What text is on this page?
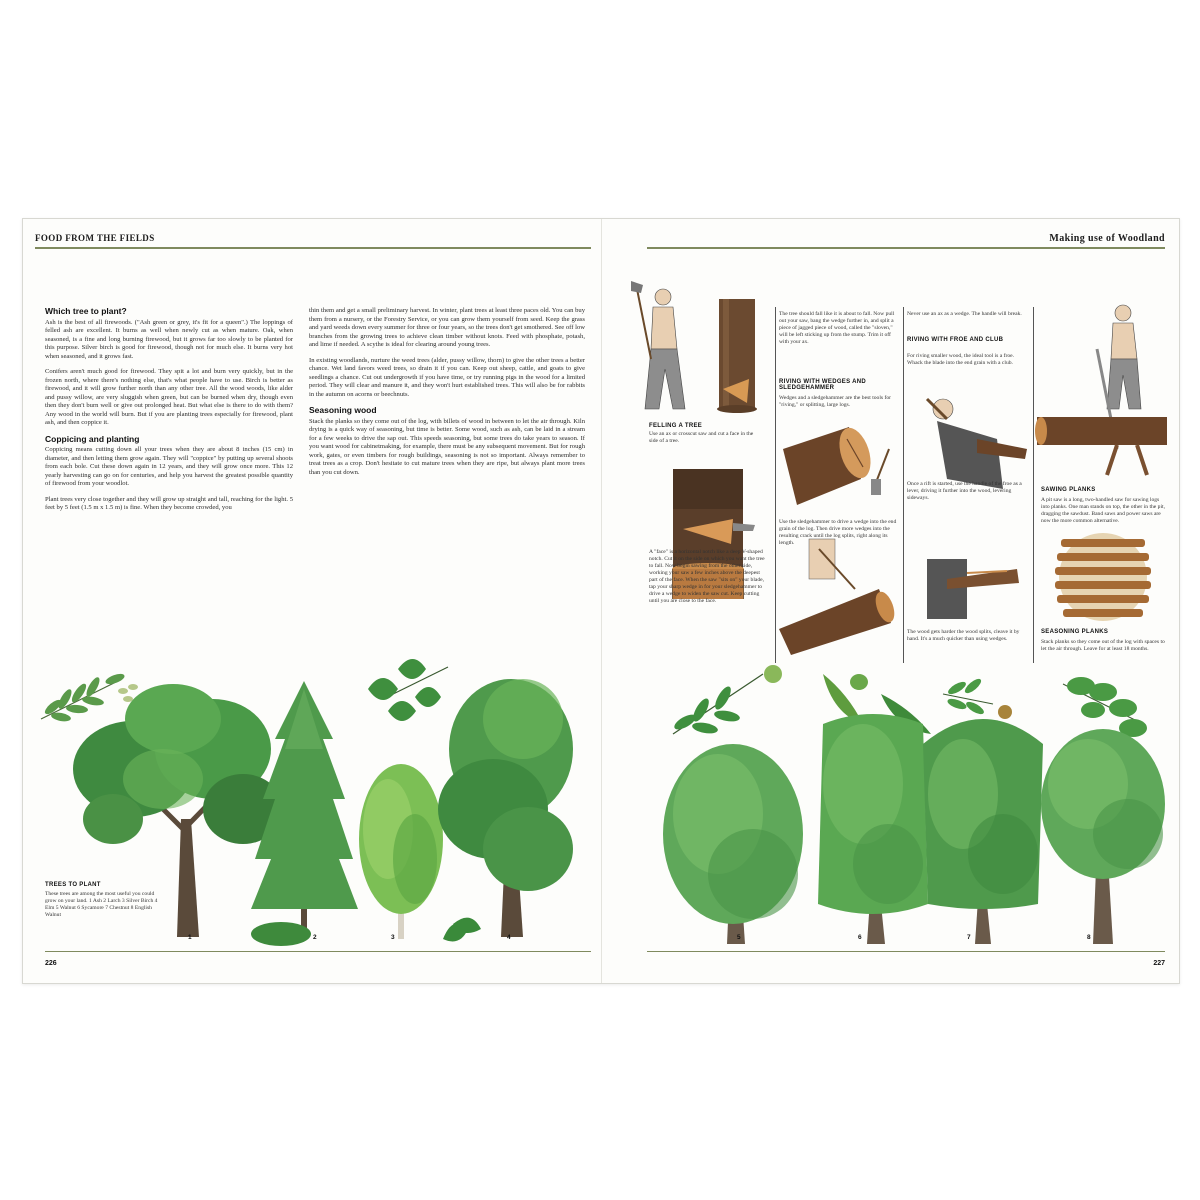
FOOD FROM THE FIELDS	Making use of Woodland
Which tree to plant?

Ash is the best of all firewoods. ("Ash green or grey, it's fit for a queen".) The loppings of felled ash are excellent. It burns as well when newly cut as when mature. Oak, when seasoned, is a fine and long burning firewood, but it grows far too slowly to be planted for this purpose. Silver birch is good for firewood, though not for much else. It burns very hot when seasoned, and it grows fast.

Conifers aren't much good for firewood. They spit a lot and burn very quickly, but in the frozen north, where there's nothing else, that's what people have to use. Birch is better as firewood, and it will grow further north than any other tree. All the wood woods, like alder and pussy willow, are very sluggish when green, but can be burned when dry, though even then they don't burn well or give out prolonged heat. But what else is there to do with them? Any wood in the world will burn. But if you are planting trees especially for firewood, plant ash, and then coppice it.

Coppicing and planting

Coppicing means cutting down all your trees when they are about 8 inches (15 cm) in diameter, and then letting them grow again. They will "coppice" by putting up several shoots from each bole. Cut these down again in 12 years, and they will grow once more. This 12 yearly harvesting can go on for centuries, and help you harvest the greatest possible quantity of firewood from your woodlot.

Plant trees very close together and they will grow up straight and tall, reaching for the light. 5 feet by 5 feet (1.5 m x 1.5 m) is fine. When they become crowded, you

thin them and get a small preliminary harvest. In winter, plant trees at least three paces old. You can buy them from a nursery, or the Forestry Service, or you can grow them yourself from seed. Keep the grass and yard weeds down every summer for three or four years, so the trees don't get smothered. See off low branches from the growing trees to achieve clean timber without knots. Feed with phosphate, potash, and lime if needed. A scythe is ideal for clearing around young trees.

In existing woodlands, nurture the weed trees (alder, pussy willow, thorn) to give the other trees a better chance. Wet land favors weed trees, so drain it if you can. Keep out sheep, cattle, and goats to give seedlings a chance. Cut out undergrowth if you have time, or try running pigs in the wood for a limited period. They will clear and manure it, and they won't hurt established trees. This will also be for rabbits in the autumn on acorns or beechnuts.

Seasoning wood

Stack the planks so they come out of the log, with billets of wood in between to let the air through. Kiln drying is a quick way of seasoning, but time is better. Some wood, such as ash, can be laid in a stream for a few weeks to drive the sap out. This speeds seasoning, but some trees do take years to season. If you want wood for cabinetmaking, for example, there must be any subsequent movement. But for rough work, gates, or even timbers for rough buildings, seasoning is not so important. Always remember to treat trees as a crop. Don't hesitate to cut mature trees when they are ripe, but always plant more trees than you cut down.

TREES TO PLANT
These trees are among the most useful you could grow on your land. 1 Ash 2 Larch 3 Silver Birch 4 Elm 5 Walnut 6 Sycamore 7 Chestnut 8 English Walnut
1	2	3	4
226
FELLING A TREE
Use an ax or crosscut saw and cut a face in the side of a tree.
A "face" is a horizontal notch like a deep V-shaped notch. Cut it on the side on which you want the tree to fall. Now begin sawing from the other side, working your saw a few inches above the deepest part of the face. When the saw "sits on" your blade, tap your sharp wedge in for your sledgehammer to drive a wedge to widen the saw cut. Keep cutting until you are close to the face.
The tree should fall like it is about to fall. Now pull out your saw, bang the wedge further in, and split a piece of jagged piece of wood, called the "sloven," will be left sticking up from the stump. Trim it off with your ax.
RIVING WITH WEDGES AND SLEDGEHAMMER
Wedges and a sledgehammer are the best tools for "riving," or splitting, large logs.
Use the sledgehammer to drive a wedge into the end grain of the log. Then drive more wedges into the resulting crack until the log splits, right along its length.
Never use an ax as a wedge. The handle will break.
RIVING WITH FROE AND CLUB
For riving smaller wood, the ideal tool is a froe. Whack the blade into the end grain with a club.
Once a rift is started, use the handle of the froe as a lever, driving it further into the wood, levering sideways.
The wood gets harder the wood splits, cleave it by hand. It's a much quicker than using wedges.
SAWING PLANKS
A pit saw is a long, two-handled saw for sawing logs into planks. One man stands on top, the other in the pit, dragging the sawdust. Band saws and power saws are now the more common alternative.
SEASONING PLANKS
Stack planks so they come out of the log with spaces to let the air through. Leave for at least 18 months.
5	6	7	8
227
